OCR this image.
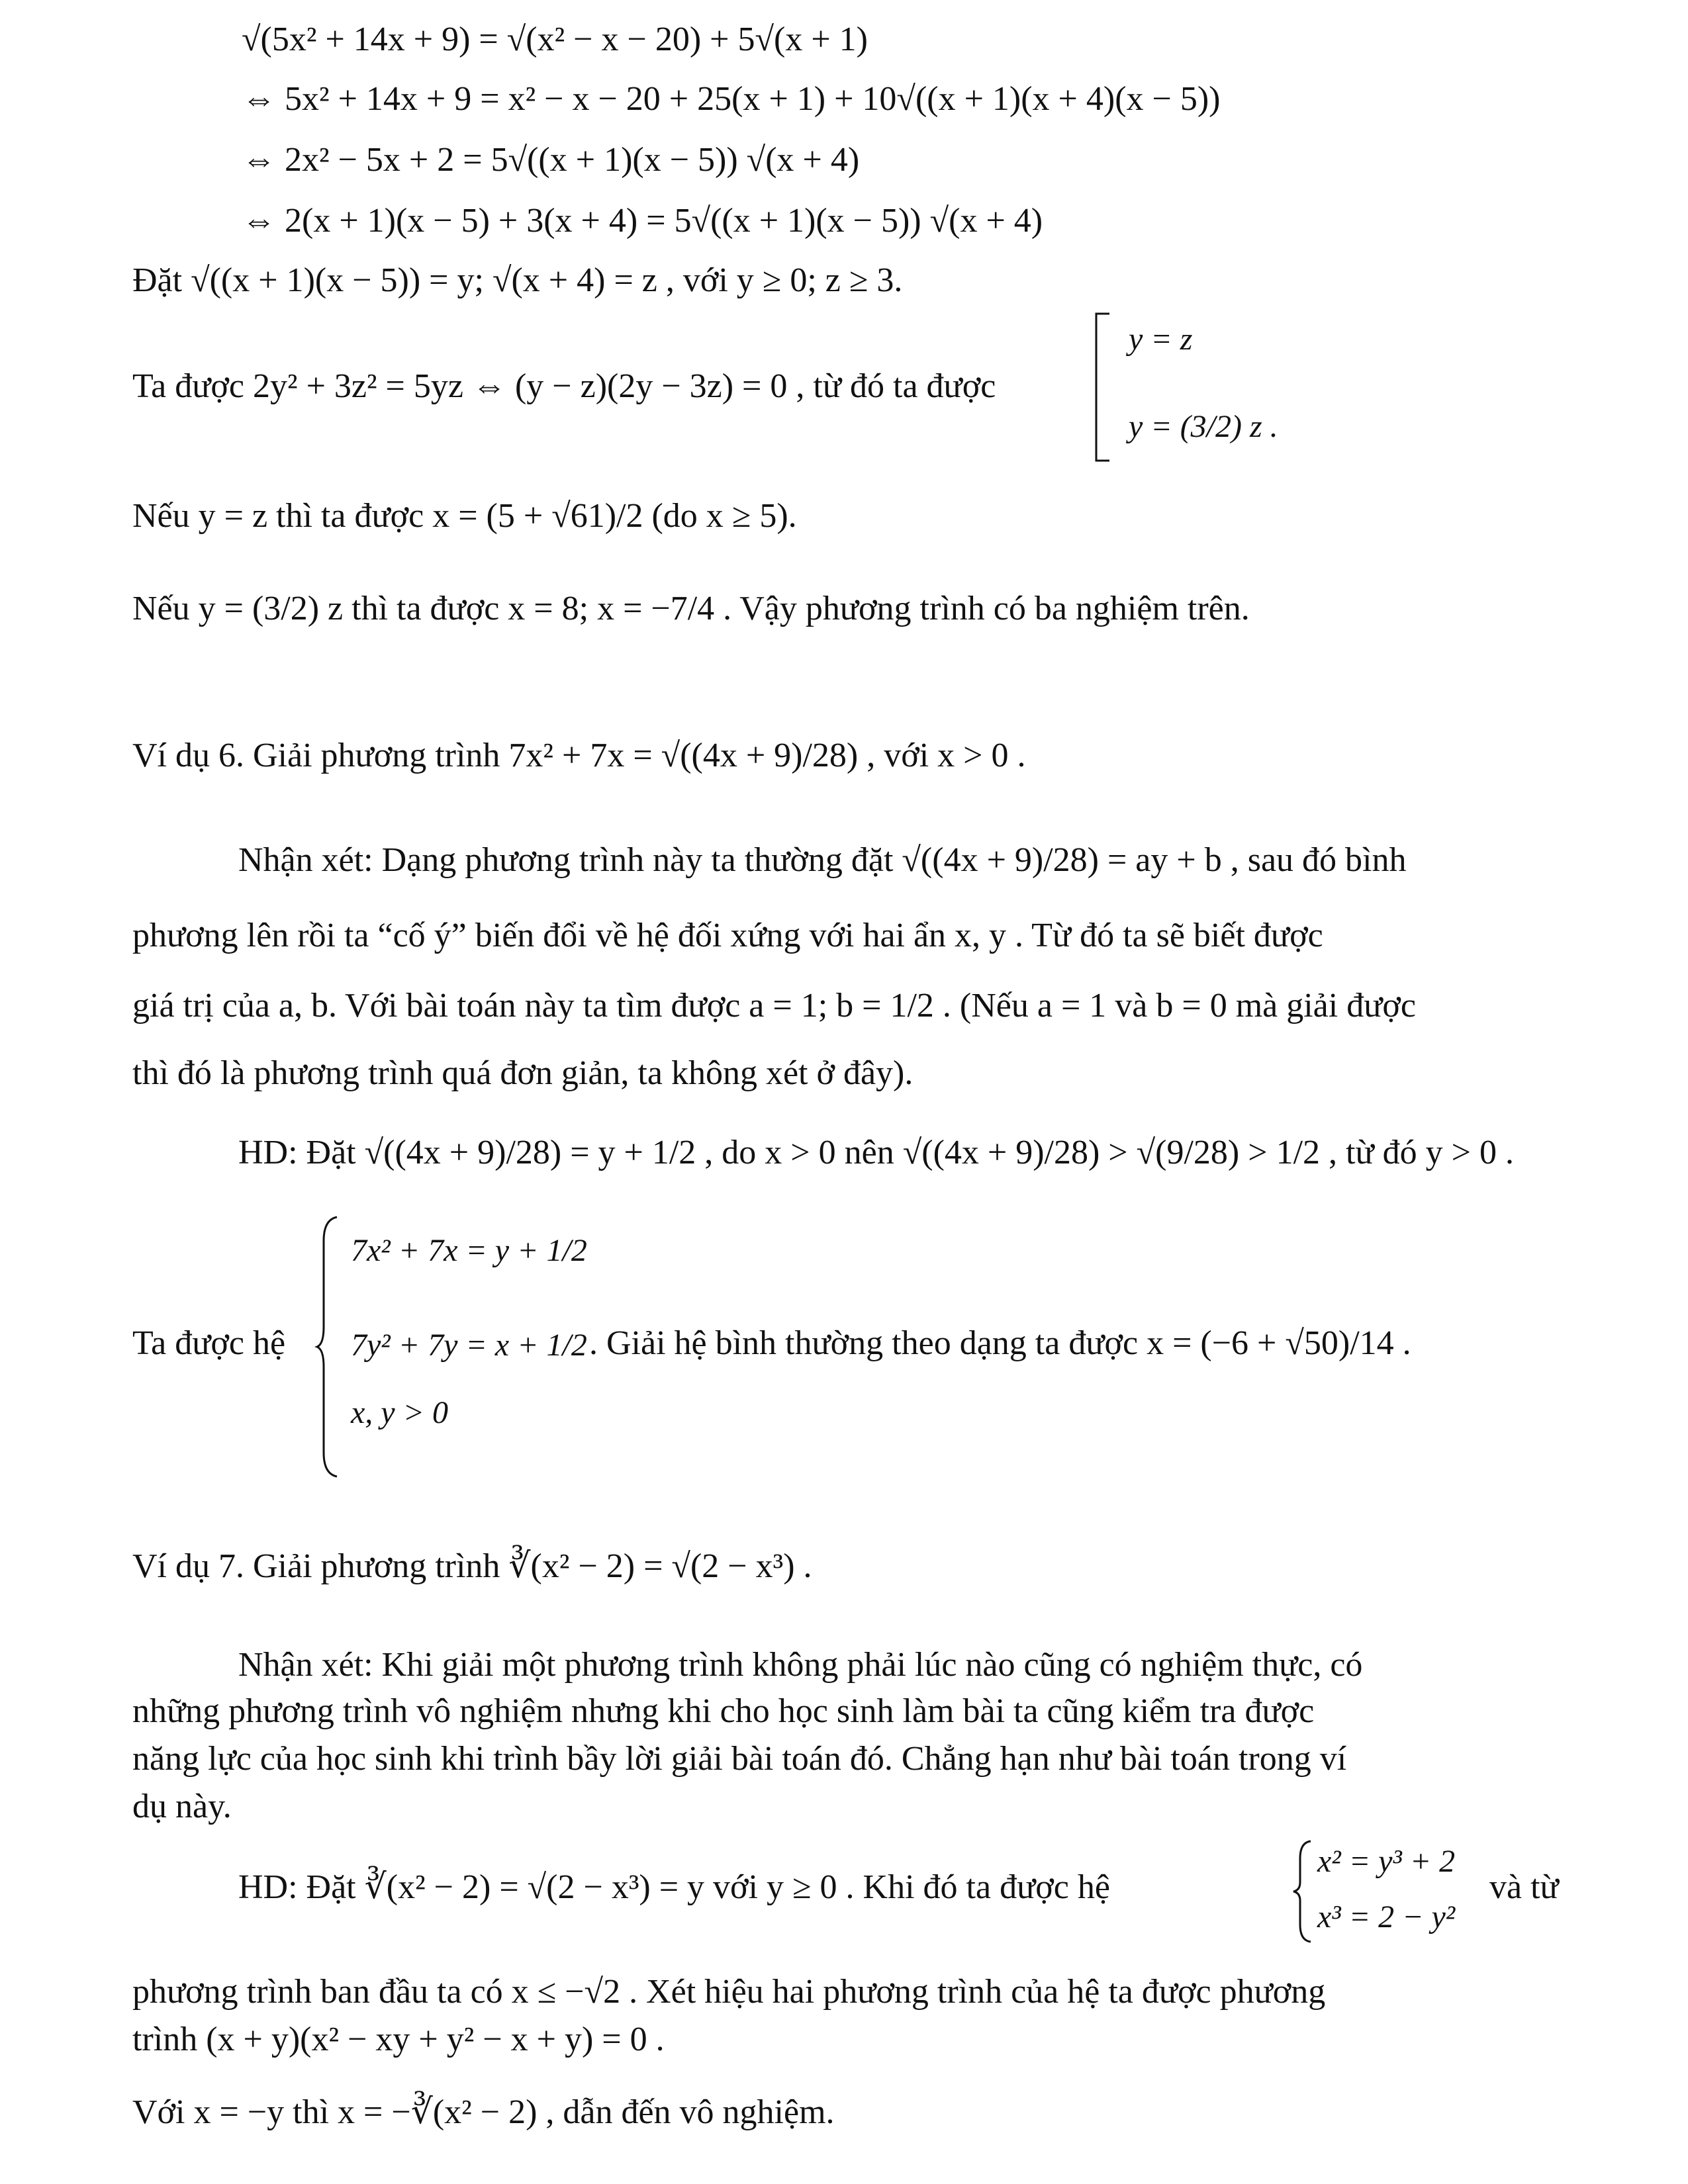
√(5x² + 14x + 9) = √(x² − x − 20) + 5√(x + 1)
⇔ 5x² + 14x + 9 = x² − x − 20 + 25(x + 1) + 10√((x + 1)(x + 4)(x − 5))
⇔ 2x² − 5x + 2 = 5√((x + 1)(x − 5)) √(x + 4)
⇔ 2(x + 1)(x − 5) + 3(x + 4) = 5√((x + 1)(x − 5)) √(x + 4)
Đặt √((x + 1)(x − 5)) = y; √(x + 4) = z , với y ≥ 0; z ≥ 3.
Ta được 2y² + 3z² = 5yz ⇔ (y − z)(2y − 3z) = 0 , từ đó ta được
y = z
y = (3/2) z .
Nếu y = z thì ta được x = (5 + √61)/2 (do x ≥ 5).
Nếu y = (3/2) z thì ta được x = 8; x = −7/4 . Vậy phương trình có ba nghiệm trên.
Ví dụ 6. Giải phương trình 7x² + 7x = √((4x + 9)/28) , với x > 0 .
Nhận xét: Dạng phương trình này ta thường đặt √((4x + 9)/28) = ay + b , sau đó bình
phương lên rồi ta “cố ý” biến đổi về hệ đối xứng với hai ẩn x, y . Từ đó ta sẽ biết được
giá trị của a, b. Với bài toán này ta tìm được a = 1; b = 1/2 . (Nếu a = 1 và b = 0 mà giải được
thì đó là phương trình quá đơn giản, ta không xét ở đây).
HD: Đặt √((4x + 9)/28) = y + 1/2 , do x > 0 nên √((4x + 9)/28) > √(9/28) > 1/2 , từ đó y > 0 .
Ta được hệ
7x² + 7x = y + 1/2
7y² + 7y = x + 1/2
x, y > 0
. Giải hệ bình thường theo dạng ta được x = (−6 + √50)/14 .
Ví dụ 7. Giải phương trình ∛(x² − 2) = √(2 − x³) .
Nhận xét: Khi giải một phương trình không phải lúc nào cũng có nghiệm thực, có
những phương trình vô nghiệm nhưng khi cho học sinh làm bài ta cũng kiểm tra được
năng lực của học sinh khi trình bầy lời giải bài toán đó. Chẳng hạn như bài toán trong ví
dụ này.
HD: Đặt ∛(x² − 2) = √(2 − x³) = y với y ≥ 0 . Khi đó ta được hệ
x² = y³ + 2
x³ = 2 − y²
và từ
phương trình ban đầu ta có x ≤ −√2 . Xét hiệu hai phương trình của hệ ta được phương
trình (x + y)(x² − xy + y² − x + y) = 0 .
Với x = −y thì x = −∛(x² − 2) , dẫn đến vô nghiệm.
